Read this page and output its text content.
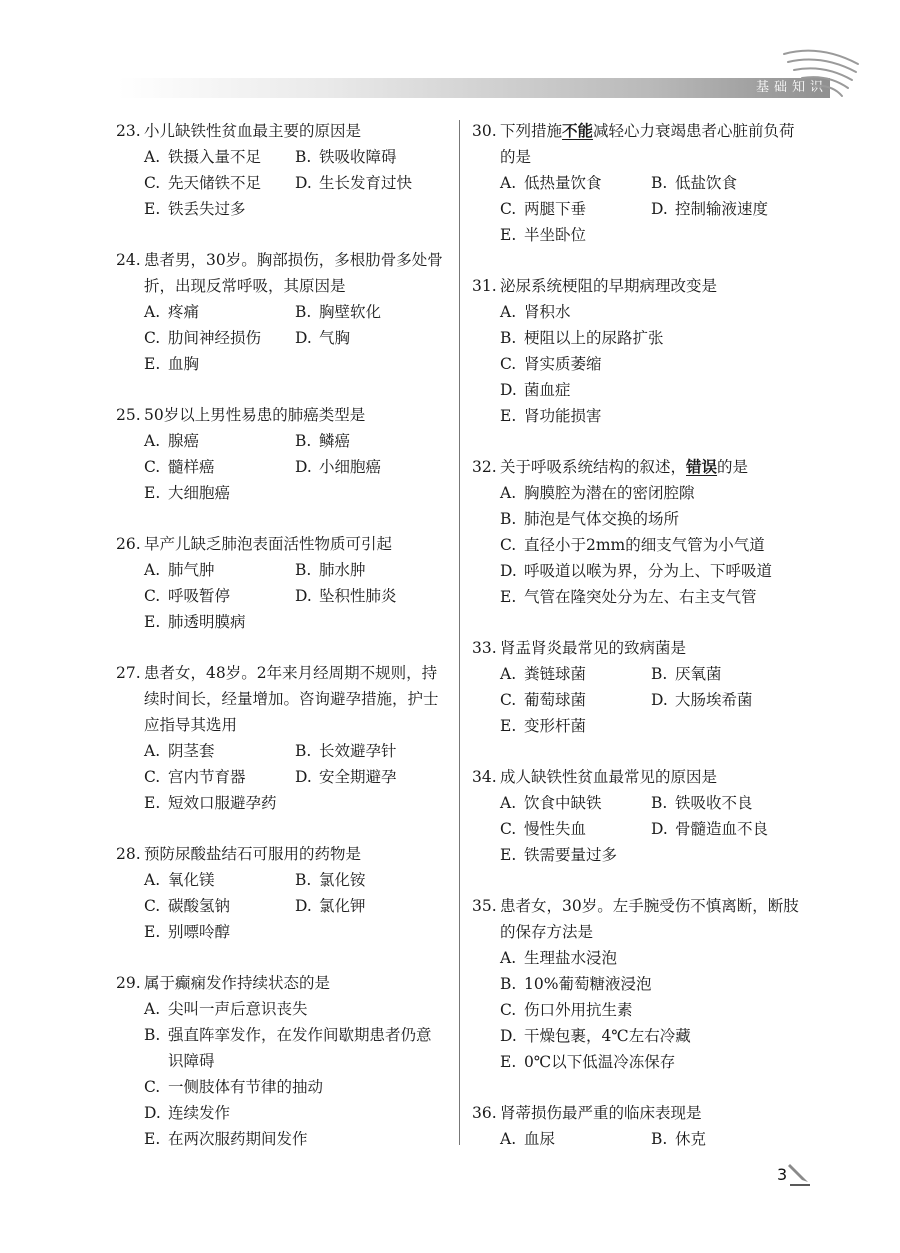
基础知识
23. 小儿缺铁性贫血最主要的原因是
A. 铁摄入量不足 B. 铁吸收障碍
C. 先天储铁不足 D. 生长发育过快
E. 铁丢失过多
24. 患者男，30岁。胸部损伤，多根肋骨多处骨折，出现反常呼吸，其原因是
A. 疼痛	B. 胸壁软化
C. 肋间神经损伤 D. 气胸
E. 血胸
25. 50岁以上男性易患的肺癌类型是
A. 腺癌	B. 鳞癌
C. 髓样癌	D. 小细胞癌
E. 大细胞癌
26. 早产儿缺乏肺泡表面活性物质可引起
A. 肺气肿	B. 肺水肿
C. 呼吸暂停	D. 坠积性肺炎
E. 肺透明膜病
27. 患者女，48岁。2年来月经周期不规则，持续时间长，经量增加。咨询避孕措施，护士应指导其选用
A. 阴茎套	B. 长效避孕针
C. 宫内节育器	D. 安全期避孕
E. 短效口服避孕药
28. 预防尿酸盐结石可服用的药物是
A. 氧化镁	B. 氯化铵
C. 碳酸氢钠	D. 氯化钾
E. 别嘌呤醇
29. 属于癫痫发作持续状态的是
A. 尖叫一声后意识丧失
B. 强直阵挛发作，在发作间歇期患者仍意识障碍
C. 一侧肢体有节律的抽动
D. 连续发作
E. 在两次服药期间发作
30. 下列措施不能减轻心力衰竭患者心脏前负荷的是
A. 低热量饮食	B. 低盐饮食
C. 两腿下垂	D. 控制输液速度
E. 半坐卧位
31. 泌尿系统梗阻的早期病理改变是
A. 肾积水
B. 梗阻以上的尿路扩张
C. 肾实质萎缩
D. 菌血症
E. 肾功能损害
32. 关于呼吸系统结构的叙述，错误的是
A. 胸膜腔为潜在的密闭腔隙
B. 肺泡是气体交换的场所
C. 直径小于2mm的细支气管为小气道
D. 呼吸道以喉为界，分为上、下呼吸道
E. 气管在隆突处分为左、右主支气管
33. 肾盂肾炎最常见的致病菌是
A. 粪链球菌	B. 厌氧菌
C. 葡萄球菌	D. 大肠埃希菌
E. 变形杆菌
34. 成人缺铁性贫血最常见的原因是
A. 饮食中缺铁	B. 铁吸收不良
C. 慢性失血	D. 骨髓造血不良
E. 铁需要量过多
35. 患者女，30岁。左手腕受伤不慎离断，断肢的保存方法是
A. 生理盐水浸泡
B. 10%葡萄糖液浸泡
C. 伤口外用抗生素
D. 干燥包裹，4℃左右冷藏
E. 0℃以下低温冷冻保存
36. 肾蒂损伤最严重的临床表现是
A. 血尿	B. 休克
3
